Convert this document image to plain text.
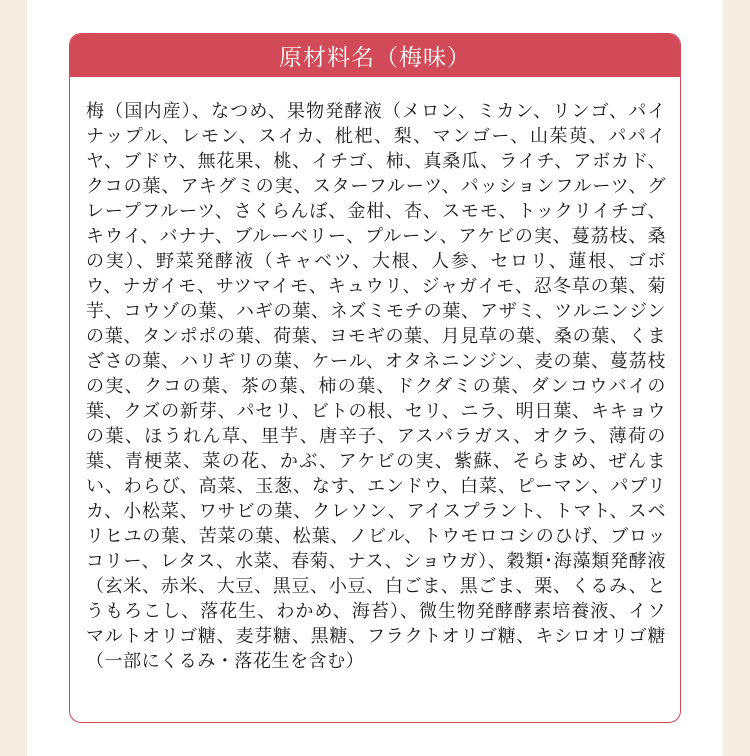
原材料名（梅味）

梅（国内産）、なつめ、果物発酵液（メロン、ミカン、リンゴ、パイナップル、レモン、スイカ、枇杷、梨、マンゴー、山茱萸、パパイヤ、ブドウ、無花果、桃、イチゴ、柿、真桑瓜、ライチ、アボカド、クコの葉、アキグミの実、スターフルーツ、パッションフルーツ、グレープフルーツ、さくらんぼ、金柑、杏、スモモ、トックリイチゴ、キウイ、バナナ、ブルーベリー、プルーン、アケビの実、蔓茘枝、桑の実）、野菜発酵液（キャベツ、大根、人参、セロリ、蓮根、ゴボウ、ナガイモ、サツマイモ、キュウリ、ジャガイモ、忍冬草の葉、菊芋、コウゾの葉、ハギの葉、ネズミモチの葉、アザミ、ツルニンジンの葉、タンポポの葉、荷葉、ヨモギの葉、月見草の葉、桑の葉、くまざさの葉、ハリギリの葉、ケール、オタネニンジン、麦の葉、蔓茘枝の実、クコの葉、茶の葉、柿の葉、ドクダミの葉、ダンコウバイの葉、クズの新芽、パセリ、ビトの根、セリ、ニラ、明日葉、キキョウの葉、ほうれん草、里芋、唐辛子、アスパラガス、オクラ、薄荷の葉、青梗菜、菜の花、かぶ、アケビの実、紫蘇、そらまめ、ぜんまい、わらび、高菜、玉葱、なす、エンドウ、白菜、ピーマン、パプリカ、小松菜、ワサビの葉、クレソン、アイスプラント、トマト、スベリヒユの葉、苦菜の葉、松葉、ノビル、トウモロコシのひげ、ブロッコリー、レタス、水菜、春菊、ナス、ショウガ）、穀類･海藻類発酵液（玄米、赤米、大豆、黒豆、小豆、白ごま、黒ごま、栗、くるみ、とうもろこし、落花生、わかめ、海苔）、微生物発酵酵素培養液、イソマルトオリゴ糖、麦芽糖、黒糖、フラクトオリゴ糖、キシロオリゴ糖（一部にくるみ・落花生を含む）
